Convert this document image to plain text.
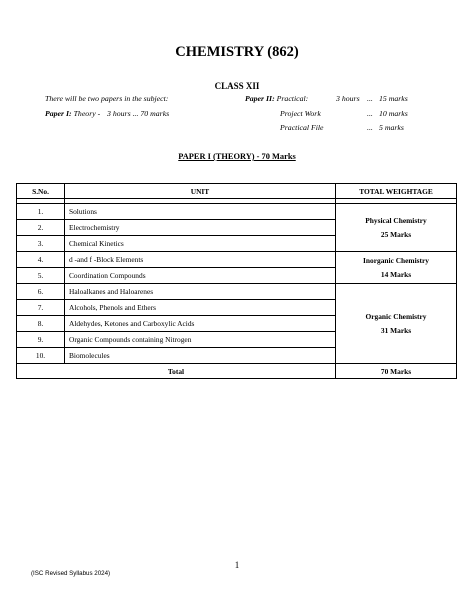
CHEMISTRY (862)
CLASS XII
There will be two papers in the subject:
Paper I: Theory - 3 hours ... 70 marks
Paper II: Practical:	3 hours ... 15 marks
Project Work	... 10 marks
Practical File	... 5 marks
PAPER I (THEORY) - 70 Marks
S.No.	UNIT	TOTAL WEIGHTAGE

1.	Solutions	Physical Chemistry
25 Marks

2.	Electrochemistry	
3.	Chemical Kinetics	
4.	d -and f -Block Elements	Inorganic Chemistry
14 Marks

5.	Coordination Compounds	
6.	Haloalkanes and Haloarenes	Organic Chemistry
31 Marks

7.	Alcohols, Phenols and Ethers	
8.	Aldehydes, Ketones and Carboxylic Acids	
9.	Organic Compounds containing Nitrogen	
10.	Biomolecules	
Total		70 Marks
1
(ISC Revised Syllabus 2024)
